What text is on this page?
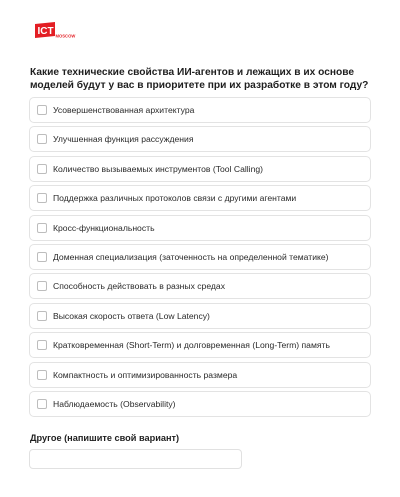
ICT MOSCOW
Какие технические свойства ИИ-агентов и лежащих в их основе моделей будут у вас в приоритете при их разработке в этом году?
Усовершенствованная архитектура
Улучшенная функция рассуждения
Количество вызываемых инструментов (Tool Calling)
Поддержка различных протоколов связи с другими агентами
Кросс-функциональность
Доменная специализация (заточенность на определенной тематике)
Способность действовать в разных средах
Высокая скорость ответа (Low Latency)
Кратковременная (Short-Term) и долговременная (Long-Term) память
Компактность и оптимизированность размера
Наблюдаемость (Observability)
Другое (напишите свой вариант)
